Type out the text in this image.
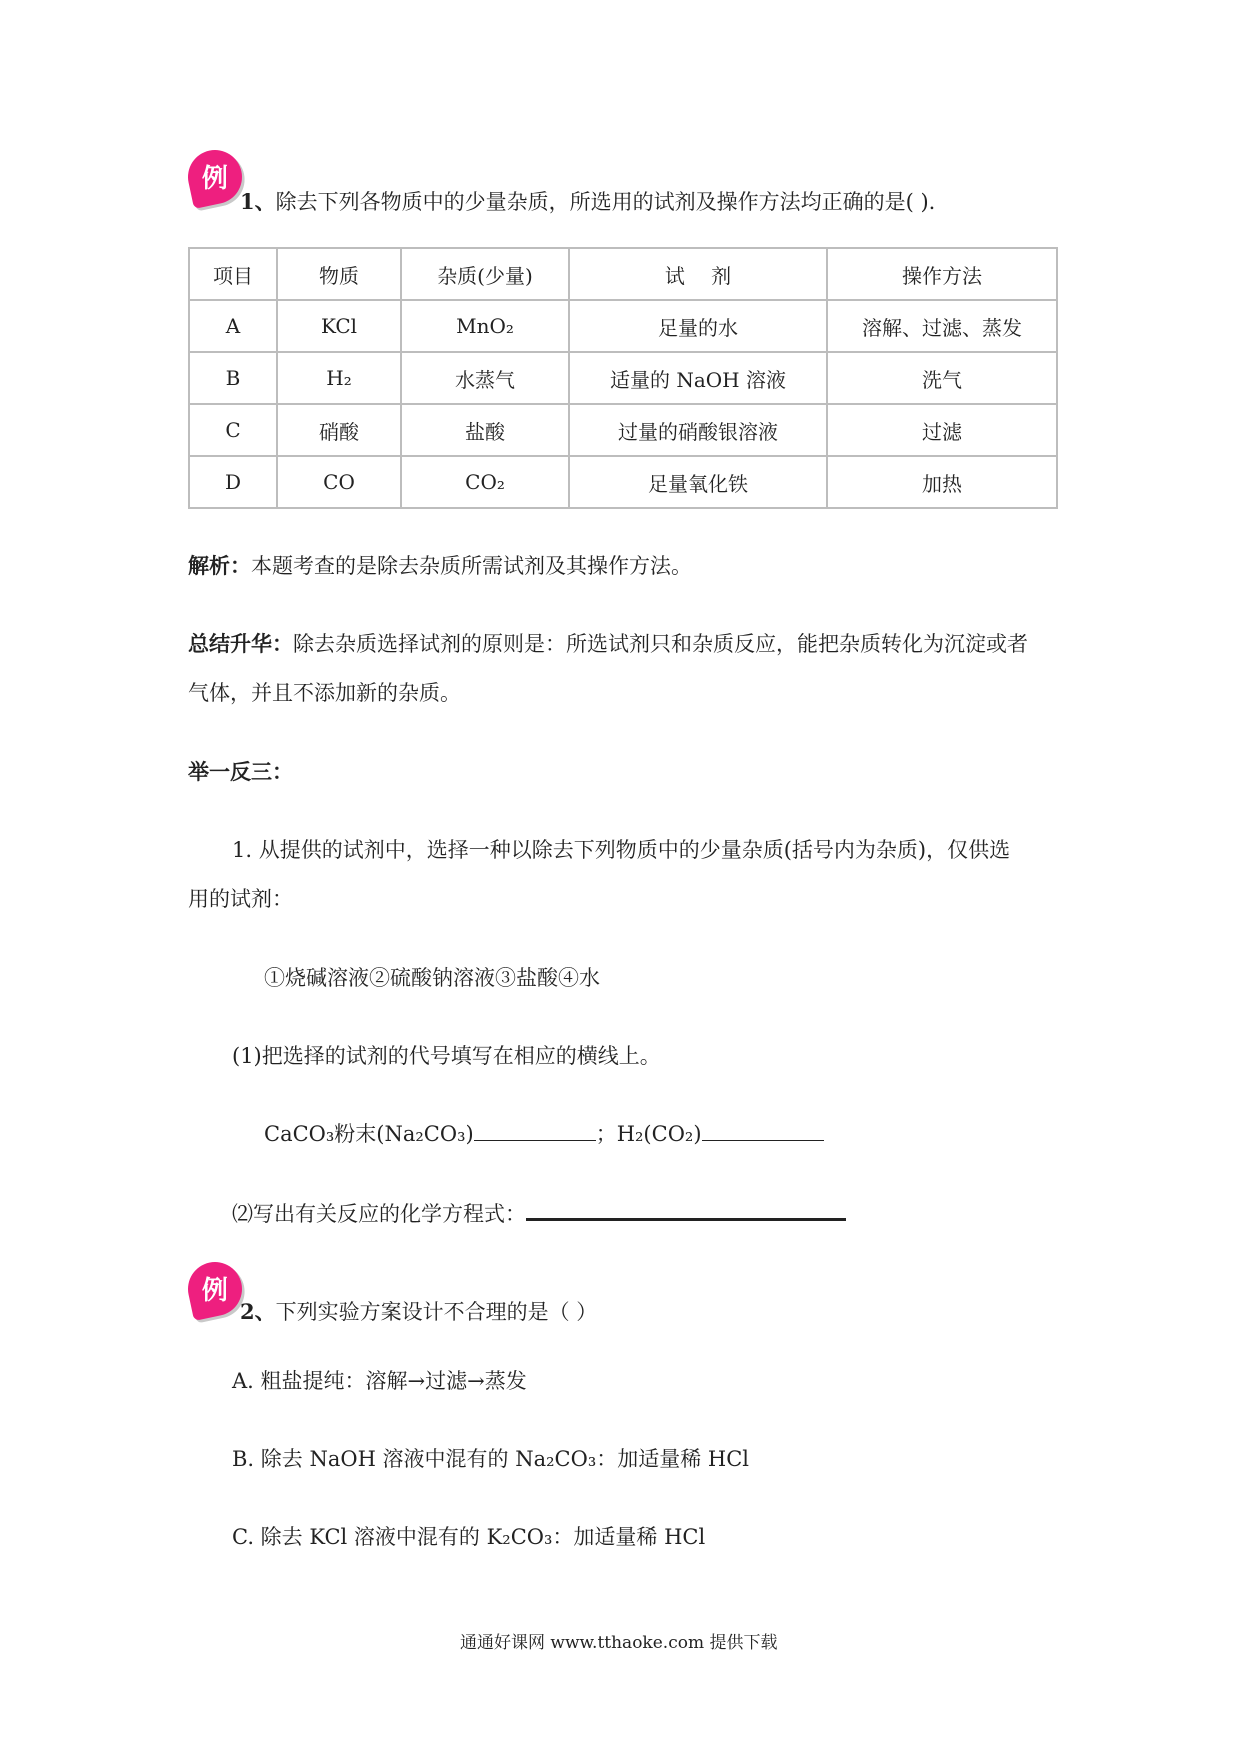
例
1、除去下列各物质中的少量杂质，所选用的试剂及操作方法均正确的是( ).
项目	物质	杂质(少量)	试　 剂	操作方法
A	KCl	MnO₂	足量的水	溶解、过滤、蒸发
B	H₂	水蒸气	适量的 NaOH 溶液	洗气
C	硝酸	盐酸	过量的硝酸银溶液	过滤
D	CO	CO₂	足量氧化铁	加热
解析：本题考查的是除去杂质所需试剂及其操作方法。
总结升华：除去杂质选择试剂的原则是：所选试剂只和杂质反应，能把杂质转化为沉淀或者
气体，并且不添加新的杂质。
举一反三：
1. 从提供的试剂中，选择一种以除去下列物质中的少量杂质(括号内为杂质)，仅供选
用的试剂：
①烧碱溶液②硫酸钠溶液③盐酸④水
(1)把选择的试剂的代号填写在相应的横线上。
CaCO₃粉末(Na₂CO₃)	；H₂(CO₂)
⑵写出有关反应的化学方程式：
例
2、下列实验方案设计不合理的是（ ）
A. 粗盐提纯：溶解→过滤→蒸发
B. 除去 NaOH 溶液中混有的 Na₂CO₃：加适量稀 HCl
C. 除去 KCl 溶液中混有的 K₂CO₃：加适量稀 HCl
通通好课网 www.tthaoke.com 提供下载
